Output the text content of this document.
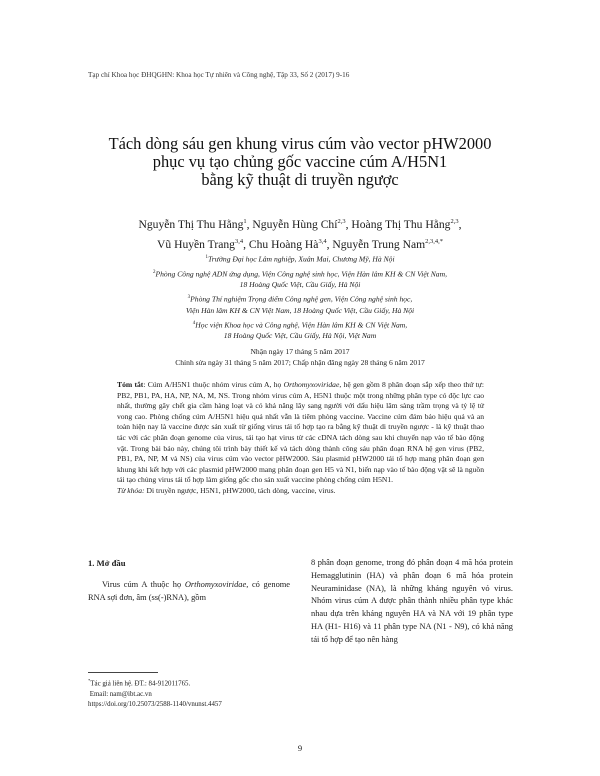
Tạp chí Khoa học ĐHQGHN: Khoa học Tự nhiên và Công nghệ, Tập 33, Số 2 (2017) 9-16
Tách dòng sáu gen khung virus cúm vào vector pHW2000
phục vụ tạo chủng gốc vaccine cúm A/H5N1
bằng kỹ thuật di truyền ngược
Nguyễn Thị Thu Hằng$^1$, Nguyễn Hùng Chí$^{2,3}$, Hoàng Thị Thu Hằng$^{2,3}$,
Vũ Huyền Trang$^{3,4}$, Chu Hoàng Hà$^{3,4}$, Nguyễn Trung Nam$^{2,3,4,*}$
$^1$Trường Đại học Lâm nghiệp, Xuân Mai, Chương Mỹ, Hà Nội
$^2$Phòng Công nghệ ADN ứng dụng, Viện Công nghệ sinh học, Viện Hàn lâm KH & CN Việt Nam,
18 Hoàng Quốc Việt, Cầu Giấy, Hà Nội
$^3$Phòng Thí nghiệm Trọng điểm Công nghệ gen, Viện Công nghệ sinh học,
Viện Hàn lâm KH & CN Việt Nam, 18 Hoàng Quốc Việt, Cầu Giấy, Hà Nội
$^4$Học viện Khoa học và Công nghệ, Viện Hàn lâm KH & CN Việt Nam,
18 Hoàng Quốc Việt, Cầu Giấy, Hà Nội, Việt Nam
Nhận ngày 17 tháng 5 năm 2017
Chỉnh sửa ngày 31 tháng 5 năm 2017; Chấp nhận đăng ngày 28 tháng 6 năm 2017
Tóm tắt: Cúm A/H5N1 thuộc nhóm virus cúm A, họ Orthomyxoviridae, hệ gen gồm 8 phân đoạn sắp xếp theo thứ tự: PB2, PB1, PA, HA, NP, NA, M, NS. Trong nhóm virus cúm A, H5N1 thuộc một trong những phân type có độc lực cao nhất, thường gây chết gia cầm hàng loạt và có khả năng lây sang người với dấu hiệu lâm sàng trầm trọng và tỷ lệ tử vong cao. Phòng chống cúm A/H5N1 hiệu quả nhất vẫn là tiêm phòng vaccine. Vaccine cúm đảm bảo hiệu quả và an toàn hiện nay là vaccine được sản xuất từ giống virus tái tổ hợp tạo ra bằng kỹ thuật di truyền ngược - là kỹ thuật thao tác với các phân đoạn genome của virus, tái tạo hạt virus từ các cDNA tách dòng sau khi chuyển nạp vào tế bào động vật. Trong bài báo này, chúng tôi trình bày thiết kế và tách dòng thành công sáu phân đoạn RNA hệ gen virus (PB2, PB1, PA, NP, M và NS) của virus cúm vào vector pHW2000. Sáu plasmid pHW2000 tái tổ hợp mang phân đoạn gen khung khi kết hợp với các plasmid pHW2000 mang phân đoạn gen H5 và N1, biến nạp vào tế bào động vật sẽ là nguồn tái tạo chủng virus tái tổ hợp làm giống gốc cho sản xuất vaccine phòng chống cúm H5N1.
Từ khóa: Di truyền ngược, H5N1, pHW2000, tách dòng, vaccine, virus.
1. Mở đầu

Virus cúm A thuộc họ Orthomyxoviridae, có genome RNA sợi đơn, âm (ss(-)RNA), gồm

8 phân đoạn genome, trong đó phân đoạn 4 mã hóa protein Hemagglutinin (HA) và phân đoạn 6 mã hóa protein Neuraminidase (NA), là những kháng nguyên vỏ virus. Nhóm virus cúm A được phân thành nhiều phân type khác nhau dựa trên kháng nguyên HA và NA với 19 phân type HA (H1- H16) và 11 phân type NA (N1 - N9), có khả năng tái tổ hợp để tạo nên hàng

*Tác giả liên hệ. ĐT.: 84-912011765.
Email: nam@ibt.ac.vn
https://doi.org/10.25073/2588-1140/vnunst.4457
9
